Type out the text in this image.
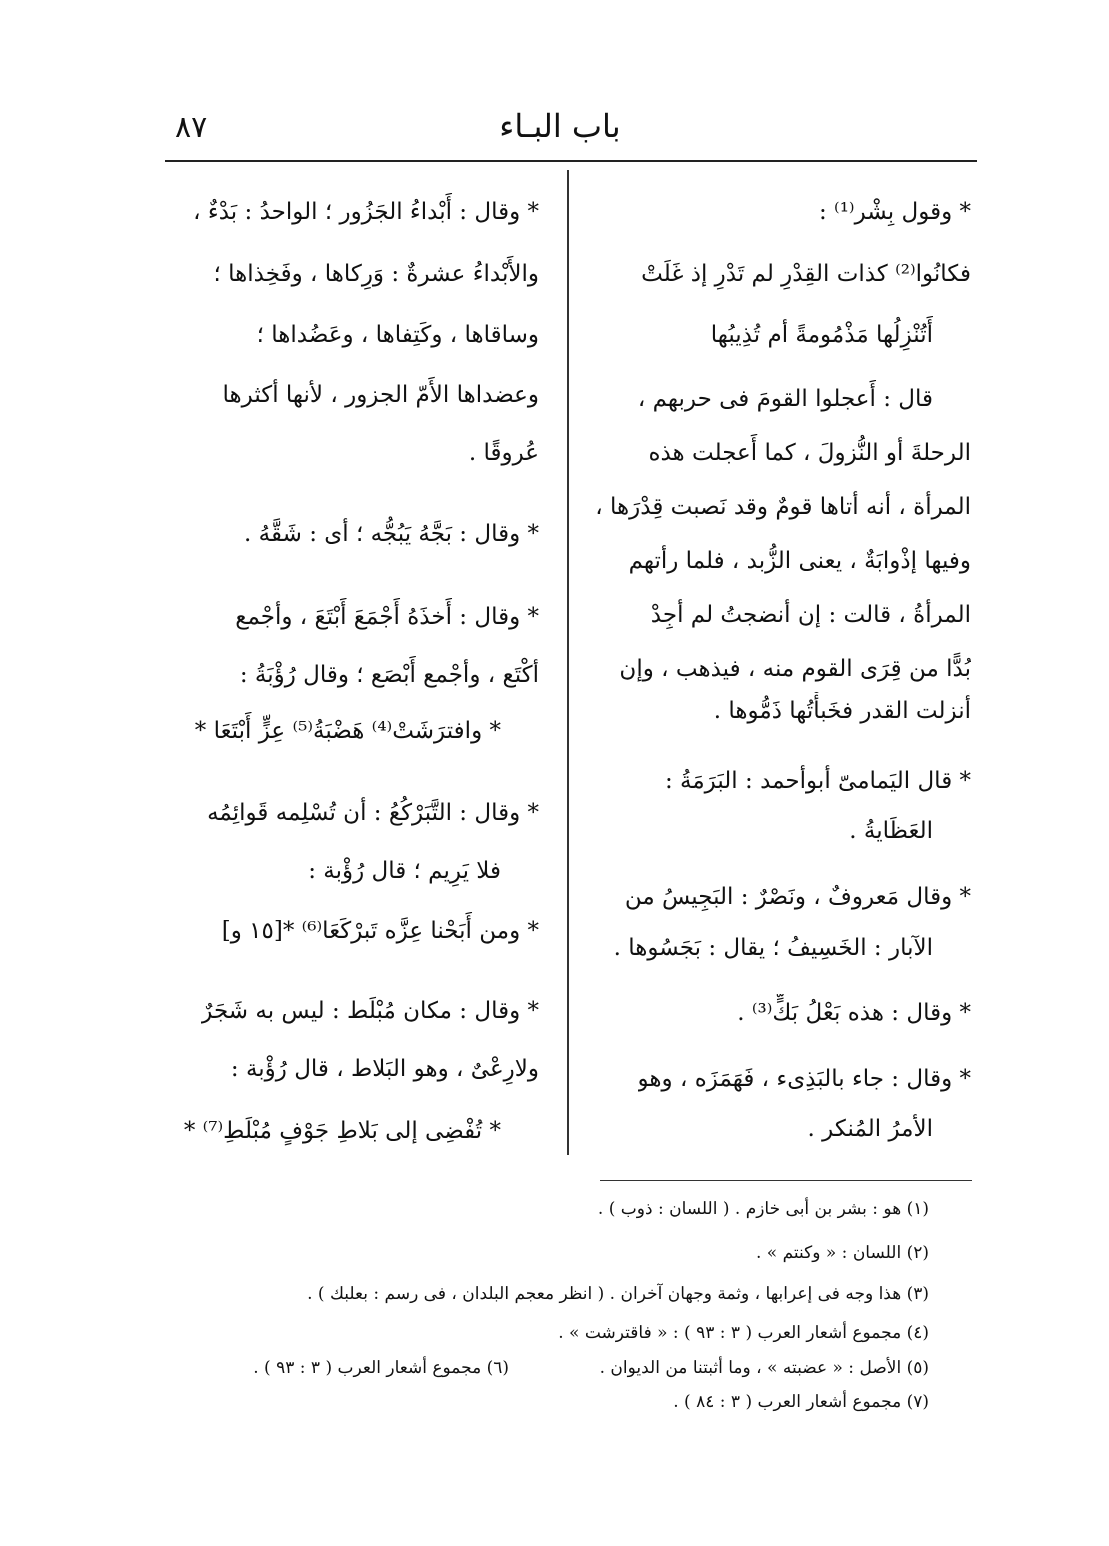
٨٧	باب البـاء
* وقول بِشْر⁽¹⁾ :
فكانُوا⁽²⁾ كذات القِدْرِ لم تَدْرِ إذ غَلَتْ
أَتُنْزِلُها مَذْمُومةً أم تُذِيبُها
قال : أَعجلوا القومَ فى حربهم ،
الرحلةَ أو النُّزولَ ، كما أَعجلت هذه
المرأة ، أنه أتاها قومٌ وقد نَصبت قِدْرَها ،
وفيها إذْوابَةٌ ، يعنى الزُّبد ، فلما رأتهم
المرأةُ ، قالت : إن أنضجتُ لم أجِدْ
بُدًّا من قِرَى القوم منه ، فيذهب ، وإن
أنزلت القدر فخَبأْتُها ذَمُّوها .
* قال اليَمامىّ أبوأحمد : البَرَمَةُ :
العَظَايةُ .
* وقال مَعروفٌ ، ونَصْرٌ : البَجِيسُ من
الآبار : الخَسِيفُ ؛ يقال : بَجَسُوها .
* وقال : هذه بَعْلُ بَكٍّ⁽³⁾ .
* وقال : جاء بالبَذِىء ، فَهَمَزَه ، وهو
الأمرُ المُنكر .
* وقال : أَبْداءُ الجَزُور ؛ الواحدُ : بَدْءٌ ،
والأَبْداءُ عشرةٌ : وَرِكاها ، وفَخِذاها ؛
وساقاها ، وكَتِفاها ، وعَضُداها ؛
وعضداها الأَمّ الجزور ، لأنها أكثرها
عُروقًا .
* وقال : بَجَّهُ يَبُجُّه ؛ أى : شَقَّهُ .
* وقال : أَخذَهُ أَجْمَعَ أَبْتَعَ ، وأجْمع
أكْتَع ، وأجْمع أَبْصَع ؛ وقال رُؤْبَةُ :
* وافترَشَتْ⁽⁴⁾ هَضْبَةُ⁽⁵⁾ عِزٍّ أَبْتَعَا *
* وقال : التَّبَرْكُعُ : أن تُسْلِمه قَوائِمُه
فلا يَرِيم ؛ قال رُؤْبة :
* ومن أَبَحْنا عِزَّه تَبرْكَعَا⁽⁶⁾ *[١٥ و]
* وقال : مكان مُبْلَط : ليس به شَجَرٌ
ولارِعْىٌ ، وهو البَلاط ، قال رُؤْبة :
* تُفْضِى إلى بَلاطِ جَوْفٍ مُبْلَطِ⁽⁷⁾ *
(١) هو : بشر بن أبى خازم . ( اللسان : ذوب ) .
(٢) اللسان : « وكنتم » .
(٣) هذا وجه فى إعرابها ، وثمة وجهان آخران . ( انظر معجم البلدان ، فى رسم : بعلبك ) .
(٤) مجموع أشعار العرب ( ٣ : ٩٣ ) : « فاقترشت » .
(٥) الأصل : « عضبته » ، وما أثبتنا من الديوان .
(٦) مجموع أشعار العرب ( ٣ : ٩٣ ) .
(٧) مجموع أشعار العرب ( ٣ : ٨٤ ) .
